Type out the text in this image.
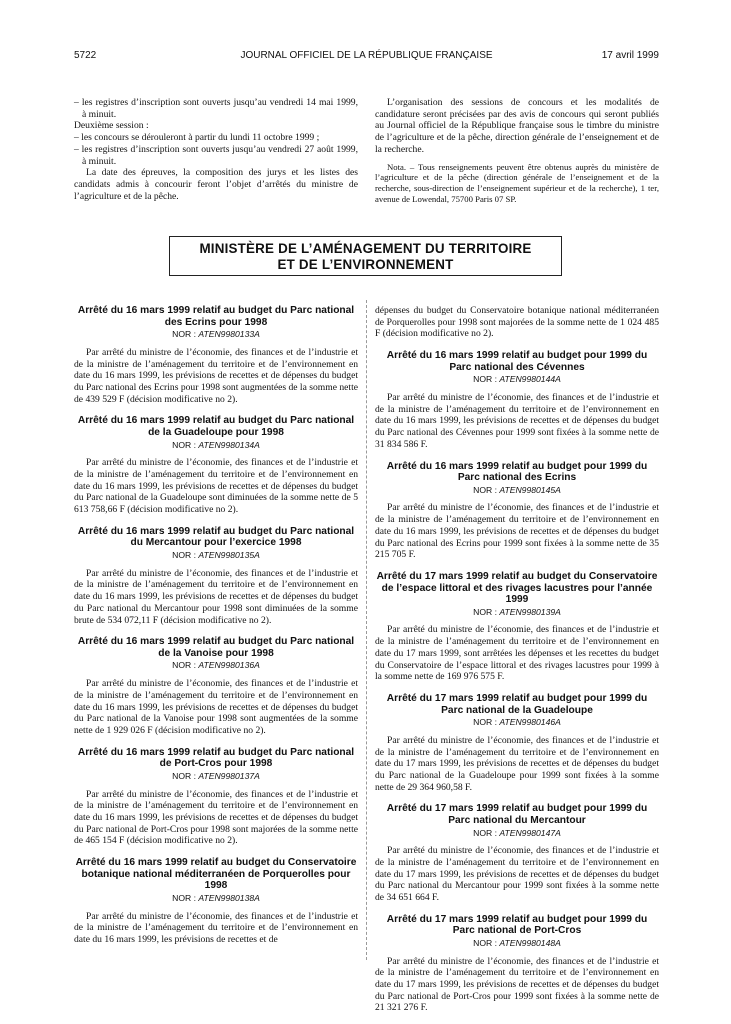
5722	JOURNAL OFFICIEL DE LA RÉPUBLIQUE FRANÇAISE	17 avril 1999

– les registres d’inscription sont ouverts jusqu’au vendredi 14 mai 1999, à minuit.

Deuxième session :

– les concours se dérouleront à partir du lundi 11 octobre 1999 ;

– les registres d’inscription sont ouverts jusqu’au vendredi 27 août 1999, à minuit.

La date des épreuves, la composition des jurys et les listes des candidats admis à concourir feront l’objet d’arrêtés du ministre de l’agriculture et de la pêche.

L’organisation des sessions de concours et les modalités de candidature seront précisées par des avis de concours qui seront publiés au Journal officiel de la République française sous le timbre du ministre de l’agriculture et de la pêche, direction générale de l’enseignement et de la recherche.

Nota. – Tous renseignements peuvent être obtenus auprès du ministère de l’agriculture et de la pêche (direction générale de l’enseignement et de la recherche, sous-direction de l’enseignement supérieur et de la recherche), 1 ter, avenue de Lowendal, 75700 Paris 07 SP.

MINISTÈRE DE L’AMÉNAGEMENT DU TERRITOIRE
ET DE L’ENVIRONNEMENT
Arrêté du 16 mars 1999 relatif au budget du Parc national des Ecrins pour 1998
NOR : ATEN9980133A

Par arrêté du ministre de l’économie, des finances et de l’industrie et de la ministre de l’aménagement du territoire et de l’environnement en date du 16 mars 1999, les prévisions de recettes et de dépenses du budget du Parc national des Ecrins pour 1998 sont augmentées de la somme nette de 439 529 F (décision modificative no 2).

Arrêté du 16 mars 1999 relatif au budget du Parc national de la Guadeloupe pour 1998
NOR : ATEN9980134A

Par arrêté du ministre de l’économie, des finances et de l’industrie et de la ministre de l’aménagement du territoire et de l’environnement en date du 16 mars 1999, les prévisions de recettes et de dépenses du budget du Parc national de la Guadeloupe sont diminuées de la somme nette de 5 613 758,66 F (décision modificative no 2).

Arrêté du 16 mars 1999 relatif au budget du Parc national du Mercantour pour l’exercice 1998
NOR : ATEN9980135A

Par arrêté du ministre de l’économie, des finances et de l’industrie et de la ministre de l’aménagement du territoire et de l’environnement en date du 16 mars 1999, les prévisions de recettes et de dépenses du budget du Parc national du Mercantour pour 1998 sont diminuées de la somme brute de 534 072,11 F (décision modificative no 2).

Arrêté du 16 mars 1999 relatif au budget du Parc national de la Vanoise pour 1998
NOR : ATEN9980136A

Par arrêté du ministre de l’économie, des finances et de l’industrie et de la ministre de l’aménagement du territoire et de l’environnement en date du 16 mars 1999, les prévisions de recettes et de dépenses du budget du Parc national de la Vanoise pour 1998 sont augmentées de la somme nette de 1 929 026 F (décision modificative no 2).

Arrêté du 16 mars 1999 relatif au budget du Parc national de Port-Cros pour 1998
NOR : ATEN9980137A

Par arrêté du ministre de l’économie, des finances et de l’industrie et de la ministre de l’aménagement du territoire et de l’environnement en date du 16 mars 1999, les prévisions de recettes et de dépenses du budget du Parc national de Port-Cros pour 1998 sont majorées de la somme nette de 465 154 F (décision modificative no 2).

Arrêté du 16 mars 1999 relatif au budget du Conservatoire botanique national méditerranéen de Porquerolles pour 1998
NOR : ATEN9980138A

Par arrêté du ministre de l’économie, des finances et de l’industrie et de la ministre de l’aménagement du territoire et de l’environnement en date du 16 mars 1999, les prévisions de recettes et de

dépenses du budget du Conservatoire botanique national méditerranéen de Porquerolles pour 1998 sont majorées de la somme nette de 1 024 485 F (décision modificative no 2).

Arrêté du 16 mars 1999 relatif au budget pour 1999 du Parc national des Cévennes
NOR : ATEN9980144A

Par arrêté du ministre de l’économie, des finances et de l’industrie et de la ministre de l’aménagement du territoire et de l’environnement en date du 16 mars 1999, les prévisions de recettes et de dépenses du budget du Parc national des Cévennes pour 1999 sont fixées à la somme nette de 31 834 586 F.

Arrêté du 16 mars 1999 relatif au budget pour 1999 du Parc national des Ecrins
NOR : ATEN9980145A

Par arrêté du ministre de l’économie, des finances et de l’industrie et de la ministre de l’aménagement du territoire et de l’environnement en date du 16 mars 1999, les prévisions de recettes et de dépenses du budget du Parc national des Ecrins pour 1999 sont fixées à la somme nette de 35 215 705 F.

Arrêté du 17 mars 1999 relatif au budget du Conservatoire de l’espace littoral et des rivages lacustres pour l’année 1999
NOR : ATEN9980139A

Par arrêté du ministre de l’économie, des finances et de l’industrie et de la ministre de l’aménagement du territoire et de l’environnement en date du 17 mars 1999, sont arrêtées les dépenses et les recettes du budget du Conservatoire de l’espace littoral et des rivages lacustres pour 1999 à la somme nette de 169 976 575 F.

Arrêté du 17 mars 1999 relatif au budget pour 1999 du Parc national de la Guadeloupe
NOR : ATEN9980146A

Par arrêté du ministre de l’économie, des finances et de l’industrie et de la ministre de l’aménagement du territoire et de l’environnement en date du 17 mars 1999, les prévisions de recettes et de dépenses du budget du Parc national de la Guadeloupe pour 1999 sont fixées à la somme nette de 29 364 960,58 F.

Arrêté du 17 mars 1999 relatif au budget pour 1999 du Parc national du Mercantour
NOR : ATEN9980147A

Par arrêté du ministre de l’économie, des finances et de l’industrie et de la ministre de l’aménagement du territoire et de l’environnement en date du 17 mars 1999, les prévisions de recettes et de dépenses du budget du Parc national du Mercantour pour 1999 sont fixées à la somme nette de 34 651 664 F.

Arrêté du 17 mars 1999 relatif au budget pour 1999 du Parc national de Port-Cros
NOR : ATEN9980148A

Par arrêté du ministre de l’économie, des finances et de l’industrie et de la ministre de l’aménagement du territoire et de l’environnement en date du 17 mars 1999, les prévisions de recettes et de dépenses du budget du Parc national de Port-Cros pour 1999 sont fixées à la somme nette de 21 321 276 F.
